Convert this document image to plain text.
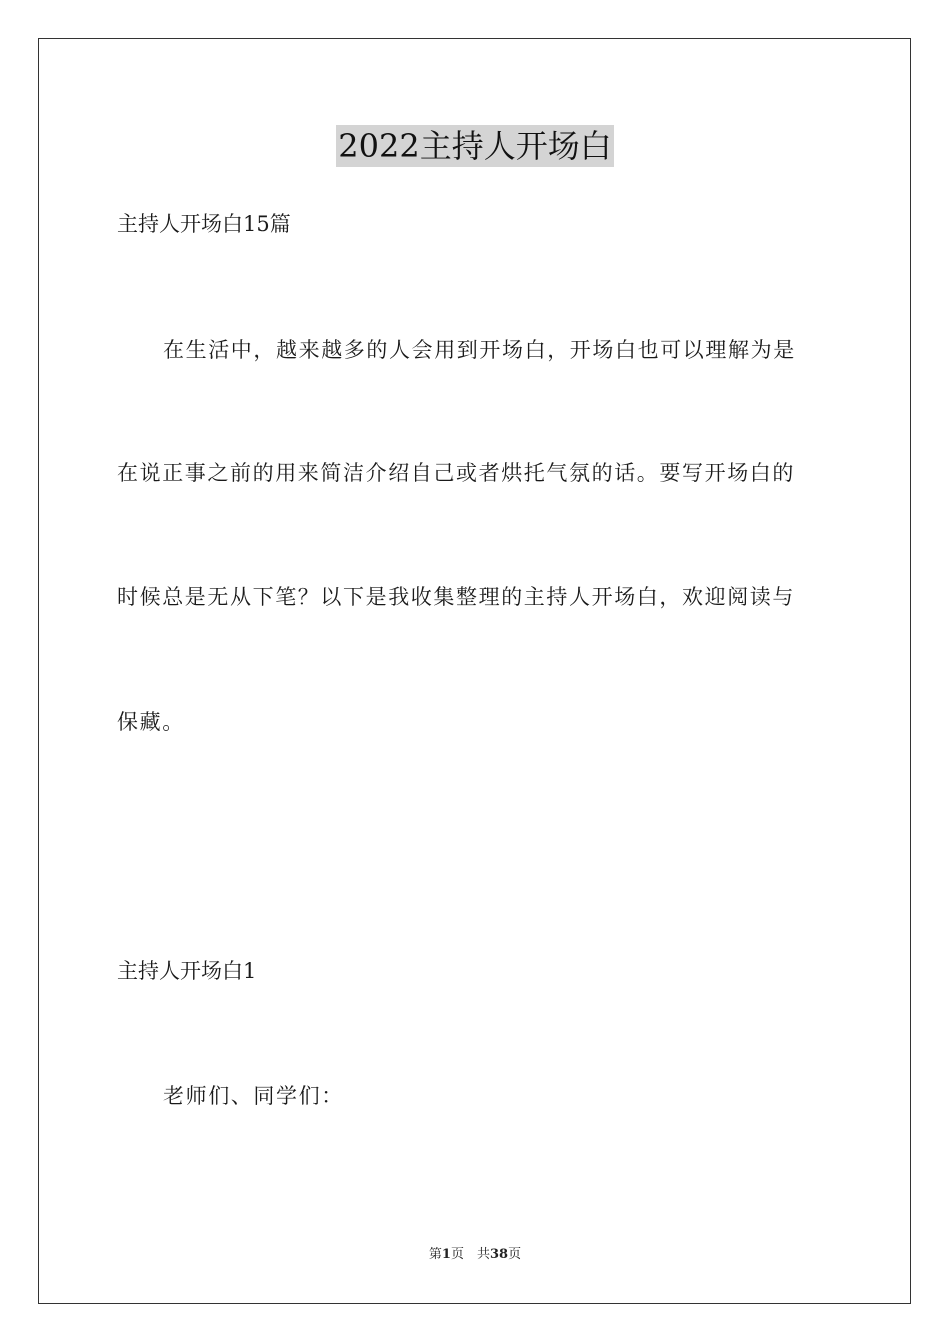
2022主持人开场白
主持人开场白15篇
在生活中，越来越多的人会用到开场白，开场白也可以理解为是
在说正事之前的用来简洁介绍自己或者烘托气氛的话。要写开场白的
时候总是无从下笔？以下是我收集整理的主持人开场白，欢迎阅读与
保藏。
主持人开场白1
老师们、同学们：
第1页　共38页
